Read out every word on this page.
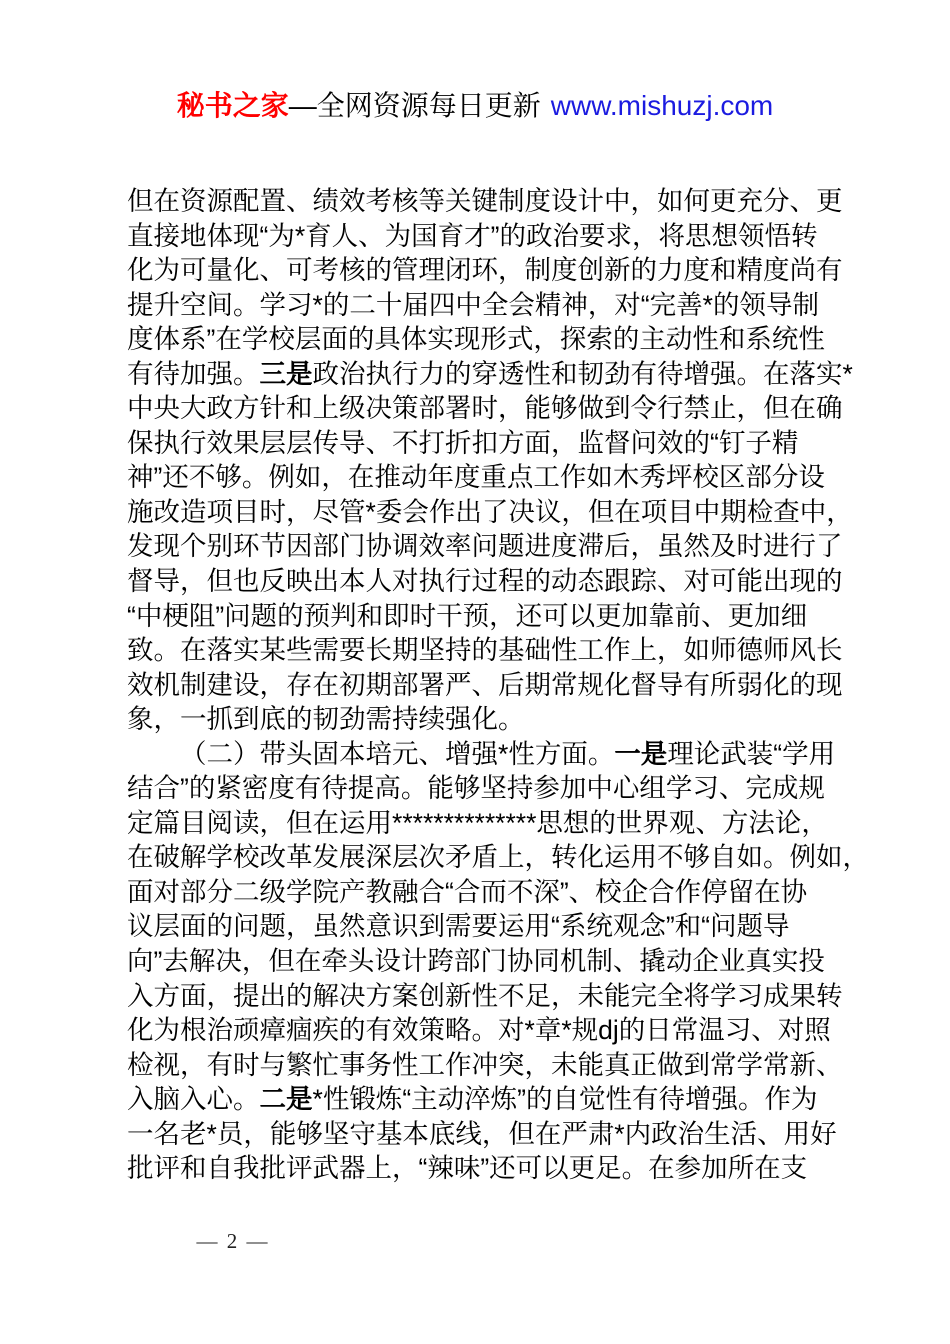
秘书之家—全网资源每日更新 www.mishuzj.com
但在资源配置、绩效考核等关键制度设计中，如何更充分、更
直接地体现“为*育人、为国育才”的政治要求，将思想领悟转
化为可量化、可考核的管理闭环，制度创新的力度和精度尚有
提升空间。学习*的二十届四中全会精神，对“完善*的领导制
度体系”在学校层面的具体实现形式，探索的主动性和系统性
有待加强。三是政治执行力的穿透性和韧劲有待增强。在落实*
中央大政方针和上级决策部署时，能够做到令行禁止，但在确
保执行效果层层传导、不打折扣方面，监督问效的“钉子精
神”还不够。例如，在推动年度重点工作如木秀坪校区部分设
施改造项目时，尽管*委会作出了决议，但在项目中期检查中，
发现个别环节因部门协调效率问题进度滞后，虽然及时进行了
督导，但也反映出本人对执行过程的动态跟踪、对可能出现的
“中梗阻”问题的预判和即时干预，还可以更加靠前、更加细
致。在落实某些需要长期坚持的基础性工作上，如师德师风长
效机制建设，存在初期部署严、后期常规化督导有所弱化的现
象，一抓到底的韧劲需持续强化。
（二）带头固本培元、增强*性方面。一是理论武装“学用
结合”的紧密度有待提高。能够坚持参加中心组学习、完成规
定篇目阅读，但在运用**************思想的世界观、方法论，
在破解学校改革发展深层次矛盾上，转化运用不够自如。例如，
面对部分二级学院产教融合“合而不深”、校企合作停留在协
议层面的问题，虽然意识到需要运用“系统观念”和“问题导
向”去解决，但在牵头设计跨部门协同机制、撬动企业真实投
入方面，提出的解决方案创新性不足，未能完全将学习成果转
化为根治顽瘴痼疾的有效策略。对*章*规dj的日常温习、对照
检视，有时与繁忙事务性工作冲突，未能真正做到常学常新、
入脑入心。二是*性锻炼“主动淬炼”的自觉性有待增强。作为
一名老*员，能够坚守基本底线，但在严肃*内政治生活、用好
批评和自我批评武器上，“辣味”还可以更足。在参加所在支
— 2 —
